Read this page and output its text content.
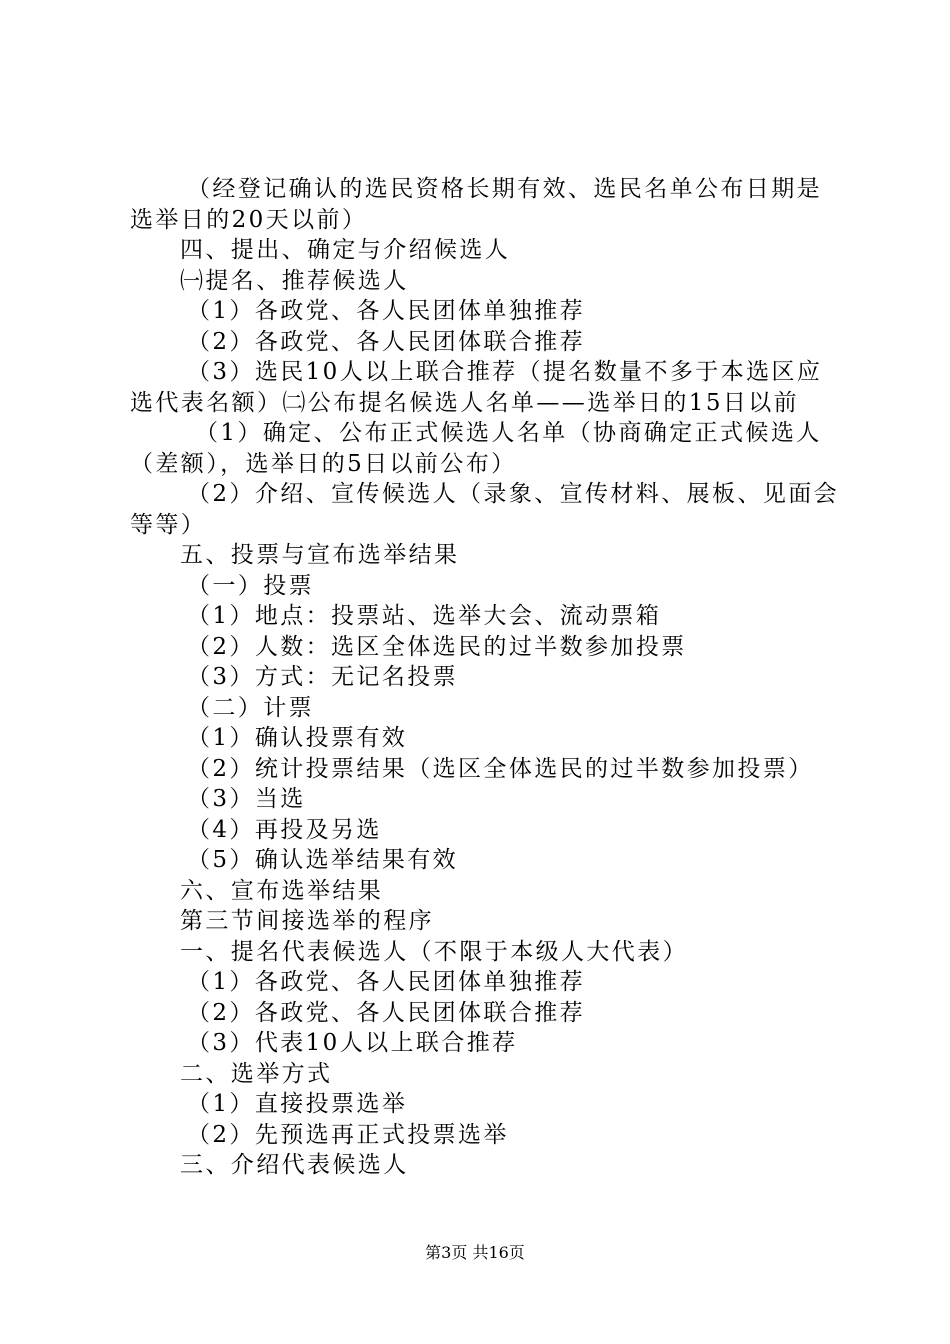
（经登记确认的选民资格长期有效、选民名单公布日期是
选举日的20天以前）
四、提出、确定与介绍候选人
㈠提名、推荐候选人
（1）各政党、各人民团体单独推荐
（2）各政党、各人民团体联合推荐
（3）选民10人以上联合推荐（提名数量不多于本选区应
选代表名额）㈡公布提名候选人名单——选举日的15日以前
（1）确定、公布正式候选人名单（协商确定正式候选人
（差额），选举日的5日以前公布）
（2）介绍、宣传候选人（录象、宣传材料、展板、见面会
等等）
五、投票与宣布选举结果
（一）投票
（1）地点：投票站、选举大会、流动票箱
（2）人数：选区全体选民的过半数参加投票
（3）方式：无记名投票
（二）计票
（1）确认投票有效
（2）统计投票结果（选区全体选民的过半数参加投票）
（3）当选
（4）再投及另选
（5）确认选举结果有效
六、宣布选举结果
第三节间接选举的程序
一、提名代表候选人（不限于本级人大代表）
（1）各政党、各人民团体单独推荐
（2）各政党、各人民团体联合推荐
（3）代表10人以上联合推荐
二、选举方式
（1）直接投票选举
（2）先预选再正式投票选举
三、介绍代表候选人
第3页 共16页
